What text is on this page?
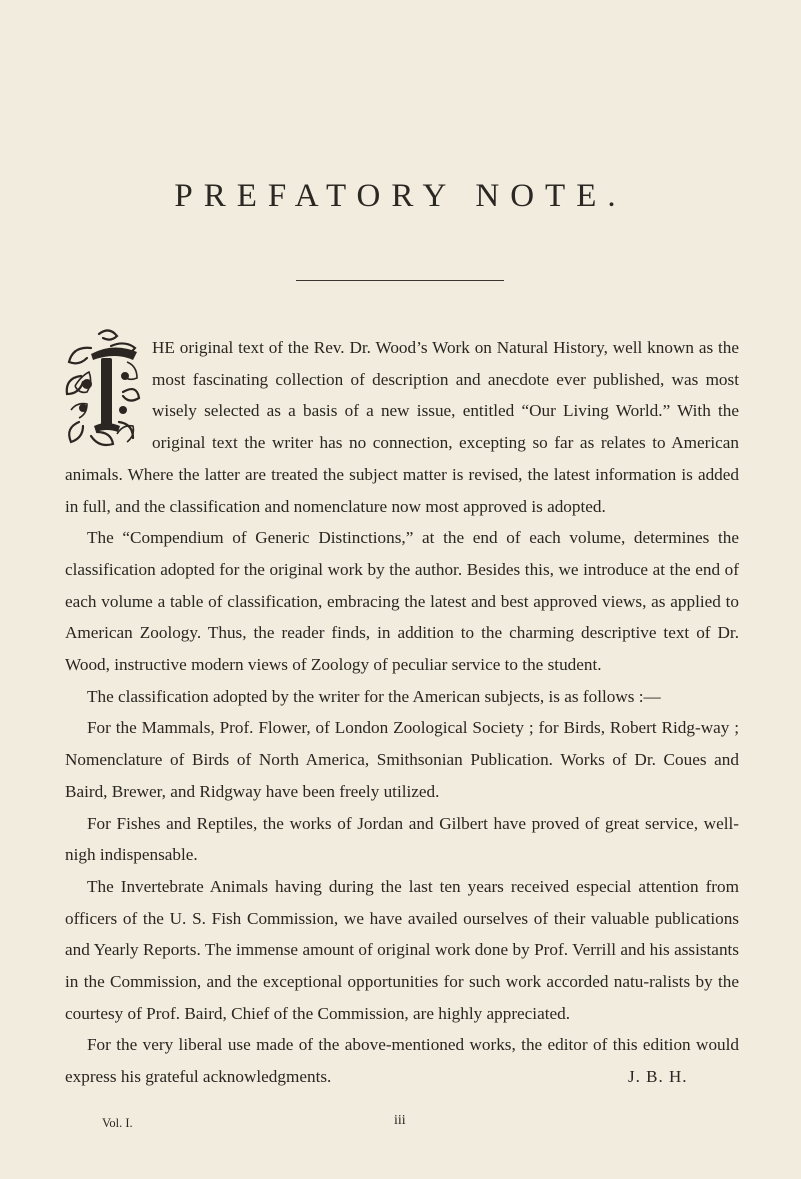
PREFATORY NOTE.

HE original text of the Rev. Dr. Wood’s Work on Natural History, well known as the most fascinating collection of description and anecdote ever published, was most wisely selected as a basis of a new issue, entitled “Our Living World.” With the original text the writer has no connection, excepting so far as relates to American animals. Where the latter are treated the subject matter is revised, the latest information is added in full, and the classification and nomenclature now most approved is adopted.

The “Compendium of Generic Distinctions,” at the end of each volume, determines the classification adopted for the original work by the author. Besides this, we introduce at the end of each volume a table of classification, embracing the latest and best approved views, as applied to American Zoology. Thus, the reader finds, in addition to the charming descriptive text of Dr. Wood, instructive modern views of Zoology of peculiar service to the student.

The classification adopted by the writer for the American subjects, is as follows :—

For the Mammals, Prof. Flower, of London Zoological Society ; for Birds, Robert Ridg-way ; Nomenclature of Birds of North America, Smithsonian Publication. Works of Dr. Coues and Baird, Brewer, and Ridgway have been freely utilized.

For Fishes and Reptiles, the works of Jordan and Gilbert have proved of great service, well-nigh indispensable.

The Invertebrate Animals having during the last ten years received especial attention from officers of the U. S. Fish Commission, we have availed ourselves of their valuable publications and Yearly Reports. The immense amount of original work done by Prof. Verrill and his assistants in the Commission, and the exceptional opportunities for such work accorded natu-ralists by the courtesy of Prof. Baird, Chief of the Commission, are highly appreciated.

For the very liberal use made of the above-mentioned works, the editor of this edition would express his grateful acknowledgments.	J. B. H.
Vol. I.	iii
